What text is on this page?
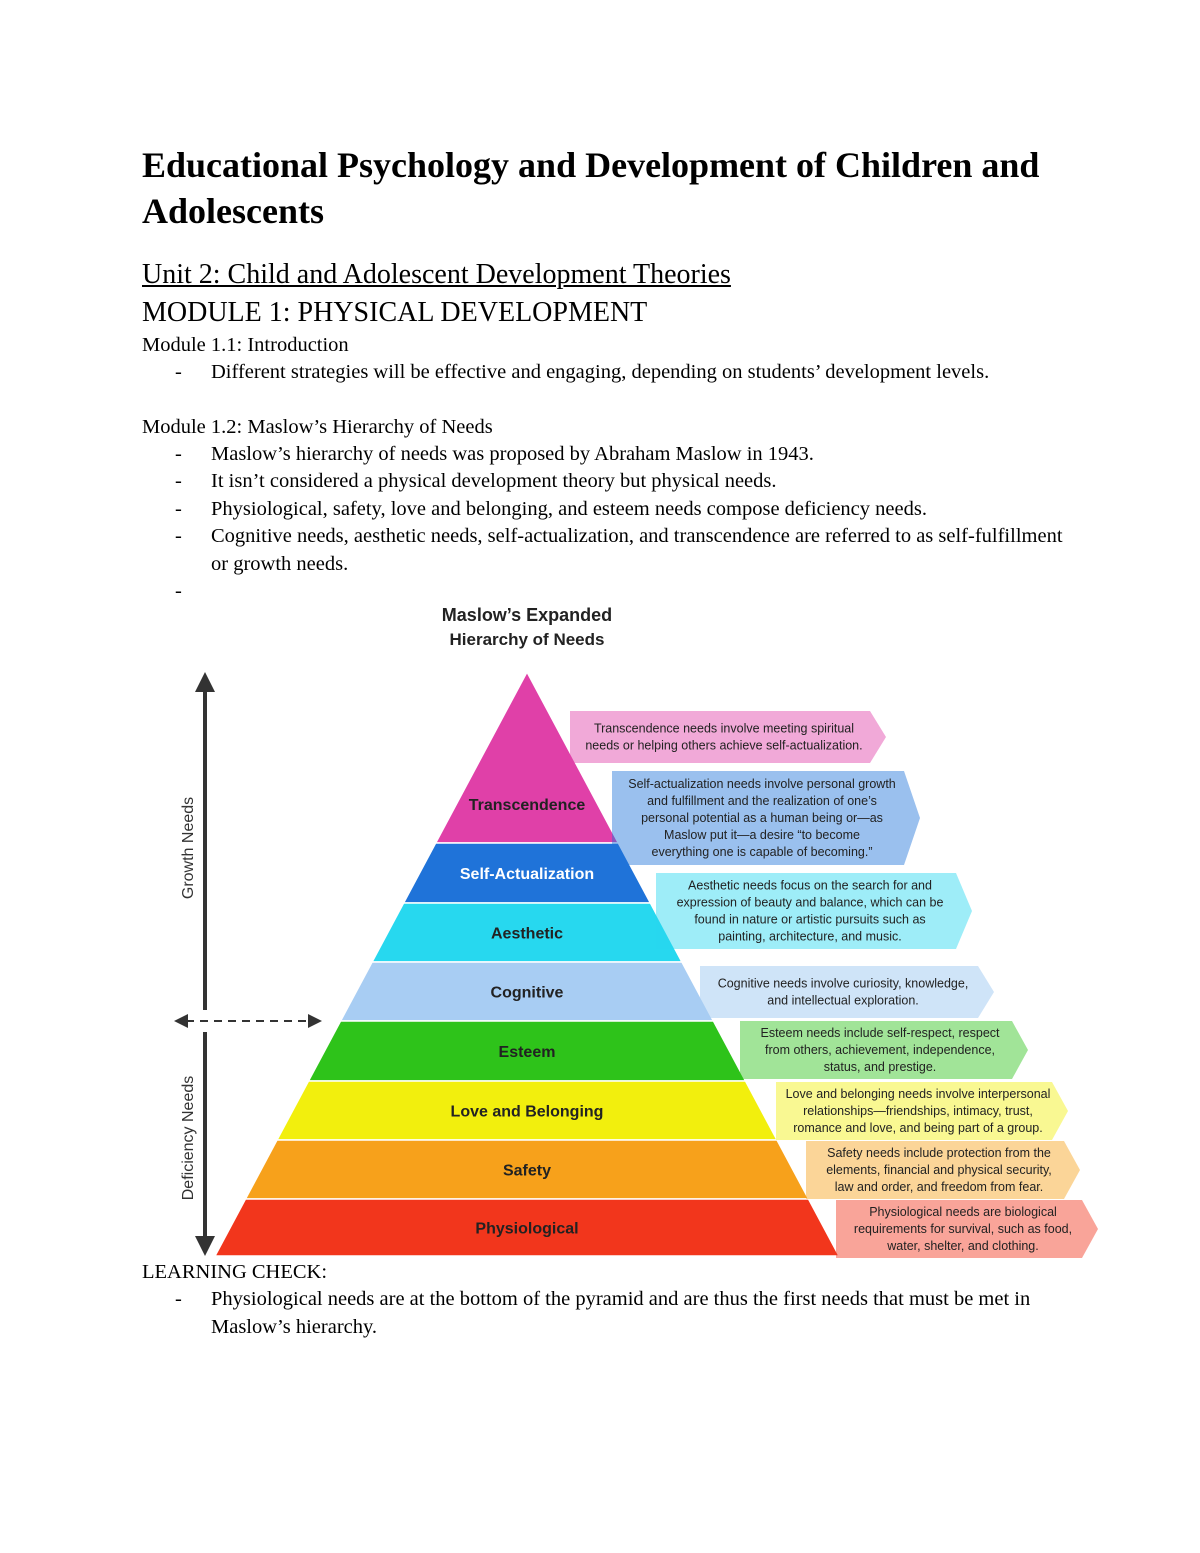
Educational Psychology and Development of Children and Adolescents
Unit 2: Child and Adolescent Development Theories
MODULE 1: PHYSICAL DEVELOPMENT

Module 1.1: Introduction

- Different strategies will be effective and engaging, depending on students’ development levels.

Module 1.2: Maslow’s Hierarchy of Needs

- Maslow’s hierarchy of needs was proposed by Abraham Maslow in 1943.

- It isn’t considered a physical development theory but physical needs.

- Physiological, safety, love and belonging, and esteem needs compose deficiency needs.

- Cognitive needs, aesthetic needs, self-actualization, and transcendence are referred to as self-fulfillment or growth needs.

-

Maslow’s Expanded
Hierarchy of Needs
Growth Needs
Deficiency Needs
Transcendence
Self-Actualization
Aesthetic
Cognitive
Esteem
Love and Belonging
Safety
Physiological
Transcendence needs involve meeting spiritual
needs or helping others achieve self-actualization.
Self-actualization needs involve personal growth
and fulfillment and the realization of one’s
personal potential as a human being or—as
Maslow put it—a desire “to become
everything one is capable of becoming.”
Aesthetic needs focus on the search for and
expression of beauty and balance, which can be
found in nature or artistic pursuits such as
painting, architecture, and music.
Cognitive needs involve curiosity, knowledge,
and intellectual exploration.
Esteem needs include self-respect, respect
from others, achievement, independence,
status, and prestige.
Love and belonging needs involve interpersonal
relationships—friendships, intimacy, trust,
romance and love, and being part of a group.
Safety needs include protection from the
elements, financial and physical security,
law and order, and freedom from fear.
Physiological needs are biological
requirements for survival, such as food,
water, shelter, and clothing.

LEARNING CHECK:

- Physiological needs are at the bottom of the pyramid and are thus the first needs that must be met in Maslow’s hierarchy.
